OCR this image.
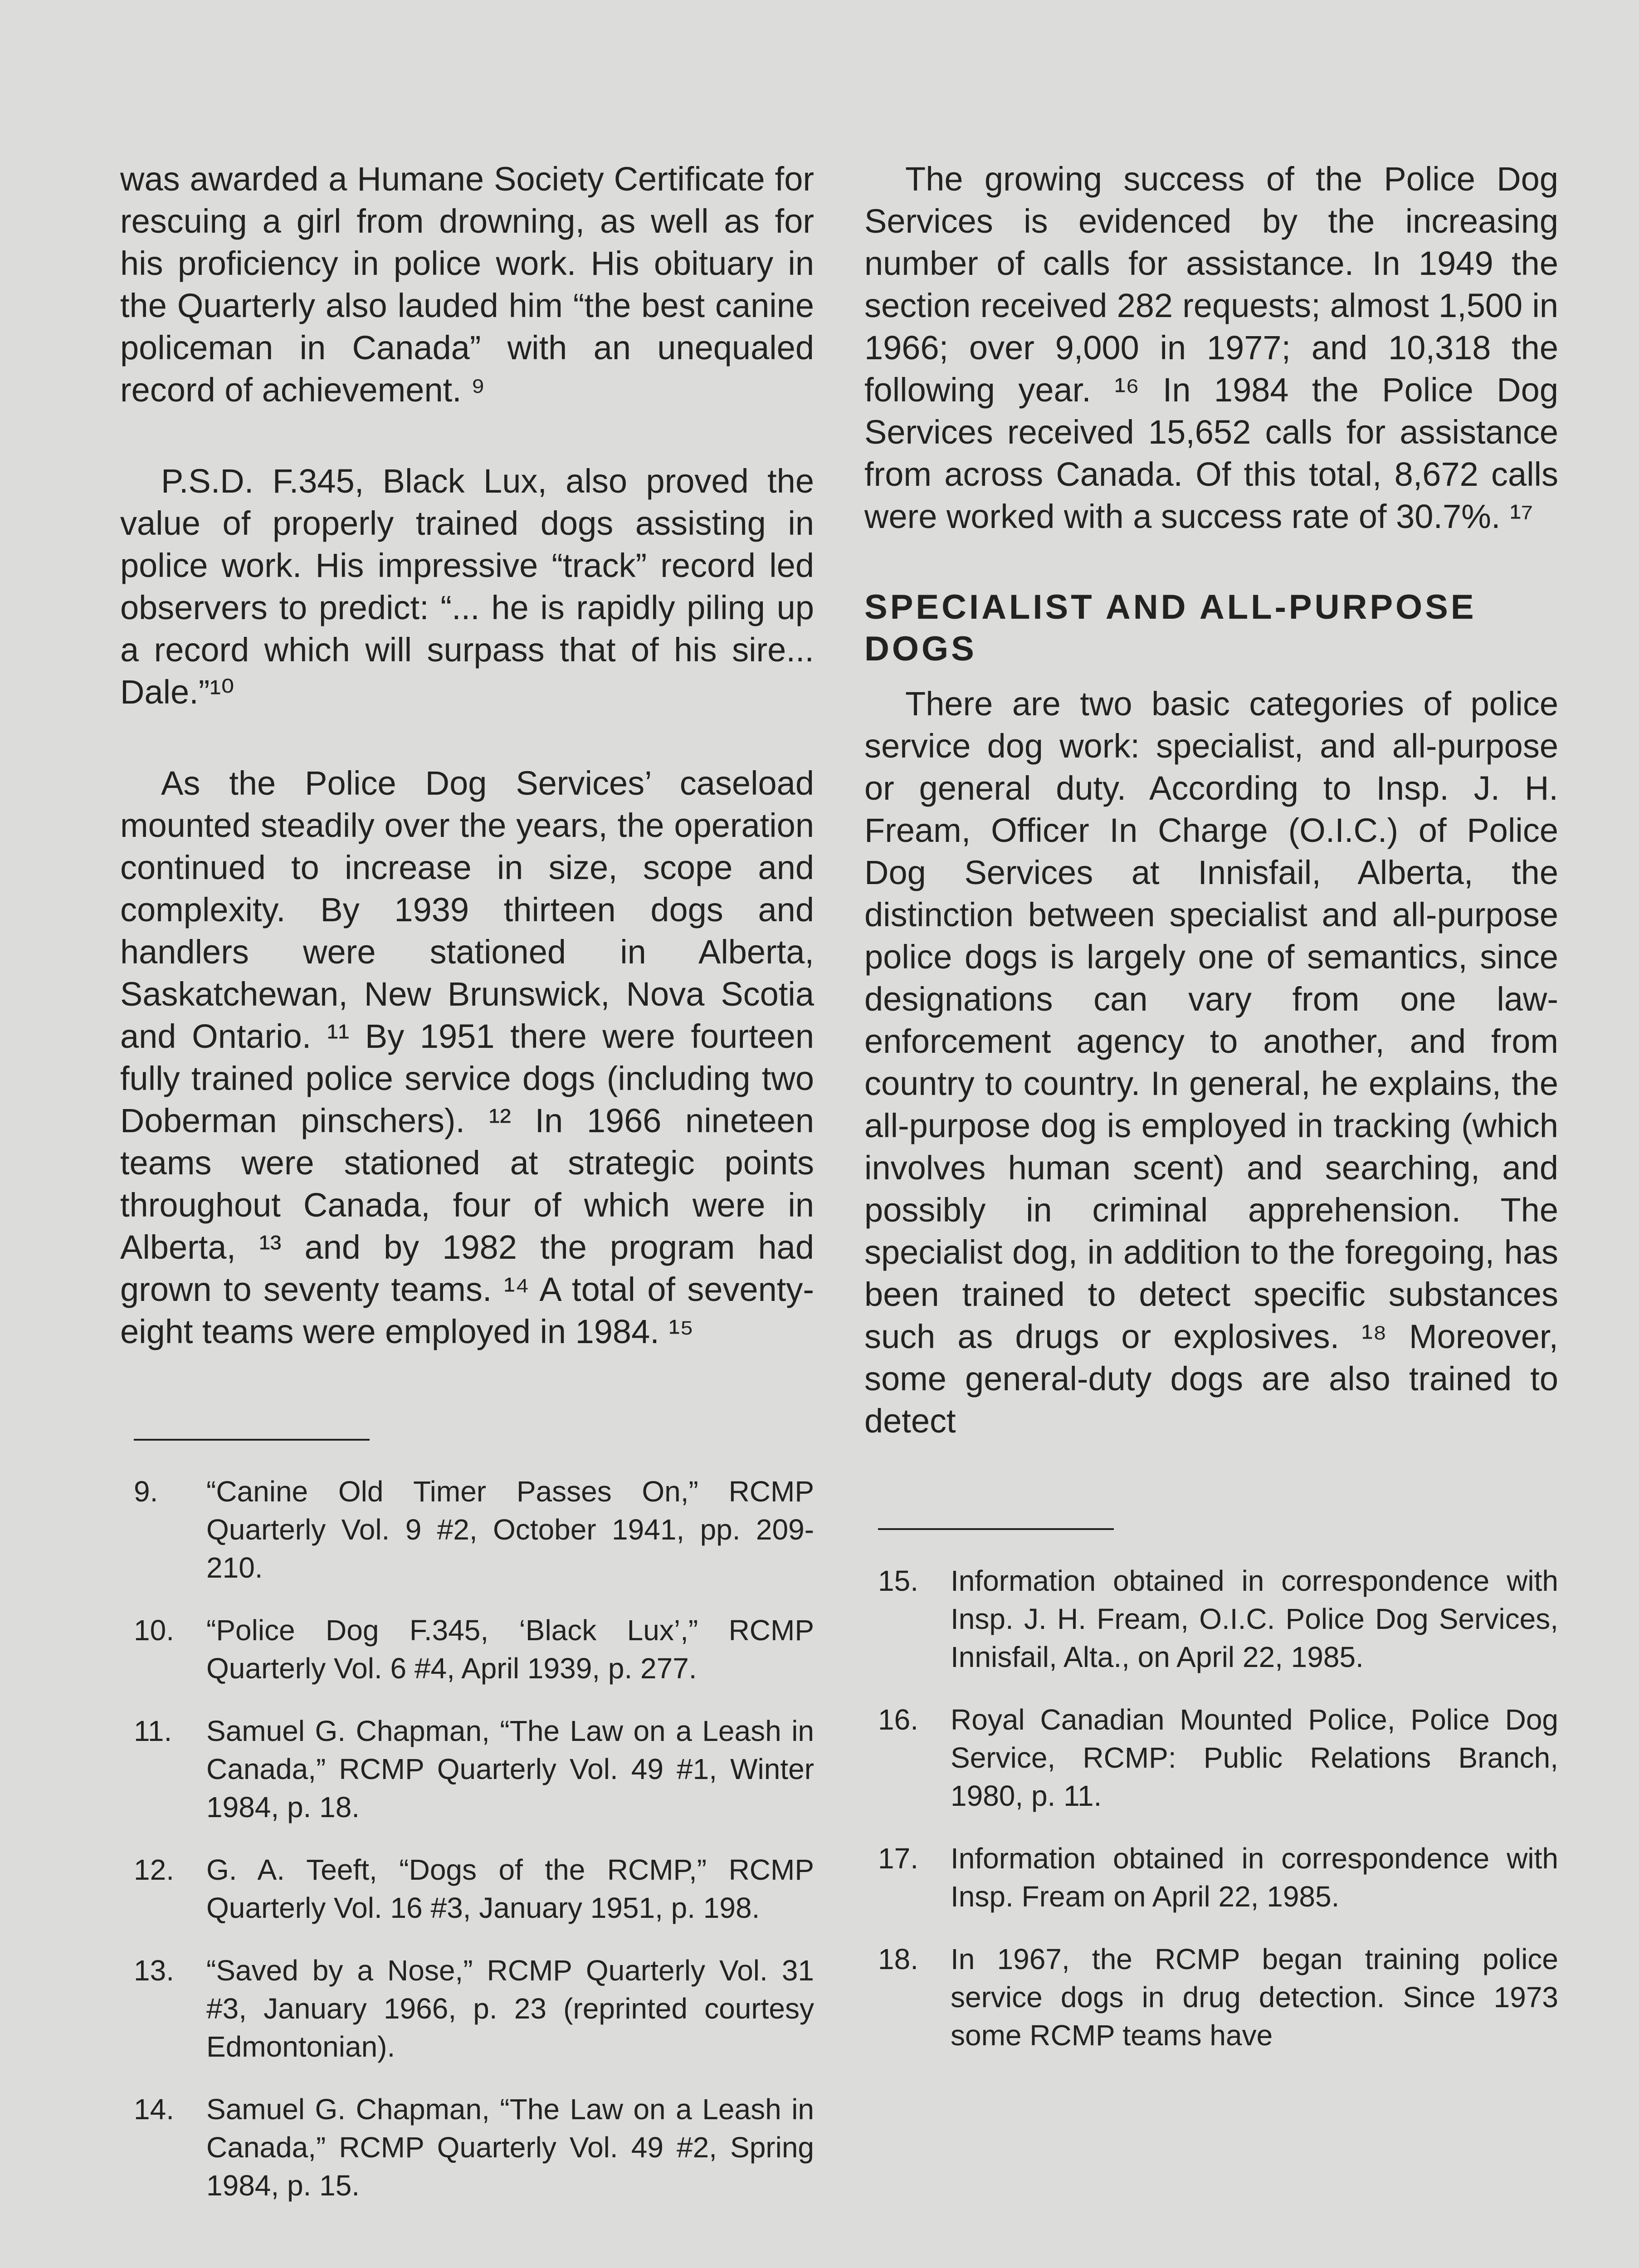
was awarded a Humane Society Certificate for rescuing a girl from drowning, as well as for his proficiency in police work. His obituary in the Quarterly also lauded him “the best canine policeman in Canada” with an unequaled record of achievement. ⁹

P.S.D. F.345, Black Lux, also proved the value of properly trained dogs assisting in police work. His impressive “track” record led observers to predict: “... he is rapidly piling up a record which will surpass that of his sire... Dale.”¹⁰

As the Police Dog Services’ caseload mounted steadily over the years, the operation continued to increase in size, scope and complexity. By 1939 thirteen dogs and handlers were stationed in Alberta, Saskatchewan, New Brunswick, Nova Scotia and Ontario. ¹¹ By 1951 there were fourteen fully trained police service dogs (including two Doberman pinschers). ¹² In 1966 nineteen teams were stationed at strategic points throughout Canada, four of which were in Alberta, ¹³ and by 1982 the program had grown to seventy teams. ¹⁴ A total of seventy-eight teams were employed in 1984. ¹⁵

9.	“Canine Old Timer Passes On,” RCMP Quarterly Vol. 9 #2, October 1941, pp. 209-210.
10.	“Police Dog F.345, ‘Black Lux’,” RCMP Quarterly Vol. 6 #4, April 1939, p. 277.
11.	Samuel G. Chapman, “The Law on a Leash in Canada,” RCMP Quarterly Vol. 49 #1, Winter 1984, p. 18.
12.	G. A. Teeft, “Dogs of the RCMP,” RCMP Quarterly Vol. 16 #3, January 1951, p. 198.
13.	“Saved by a Nose,” RCMP Quarterly Vol. 31 #3, January 1966, p. 23 (reprinted courtesy Edmontonian).
14.	Samuel G. Chapman, “The Law on a Leash in Canada,” RCMP Quarterly Vol. 49 #2, Spring 1984, p. 15.

The growing success of the Police Dog Services is evidenced by the increasing number of calls for assistance. In 1949 the section received 282 requests; almost 1,500 in 1966; over 9,000 in 1977; and 10,318 the following year. ¹⁶ In 1984 the Police Dog Services received 15,652 calls for assistance from across Canada. Of this total, 8,672 calls were worked with a success rate of 30.7%. ¹⁷

SPECIALIST AND ALL-PURPOSE DOGS

There are two basic categories of police service dog work: specialist, and all-purpose or general duty. According to Insp. J. H. Fream, Officer In Charge (O.I.C.) of Police Dog Services at Innisfail, Alberta, the distinction between specialist and all-purpose police dogs is largely one of semantics, since designations can vary from one law-enforcement agency to another, and from country to country. In general, he explains, the all-purpose dog is employed in tracking (which involves human scent) and searching, and possibly in criminal apprehension. The specialist dog, in addition to the foregoing, has been trained to detect specific substances such as drugs or explosives. ¹⁸ Moreover, some general-duty dogs are also trained to detect

15.	Information obtained in correspondence with Insp. J. H. Fream, O.I.C. Police Dog Services, Innisfail, Alta., on April 22, 1985.
16.	Royal Canadian Mounted Police, Police Dog Service, RCMP: Public Relations Branch, 1980, p. 11.
17.	Information obtained in correspondence with Insp. Fream on April 22, 1985.
18.	In 1967, the RCMP began training police service dogs in drug detection. Since 1973 some RCMP teams have
